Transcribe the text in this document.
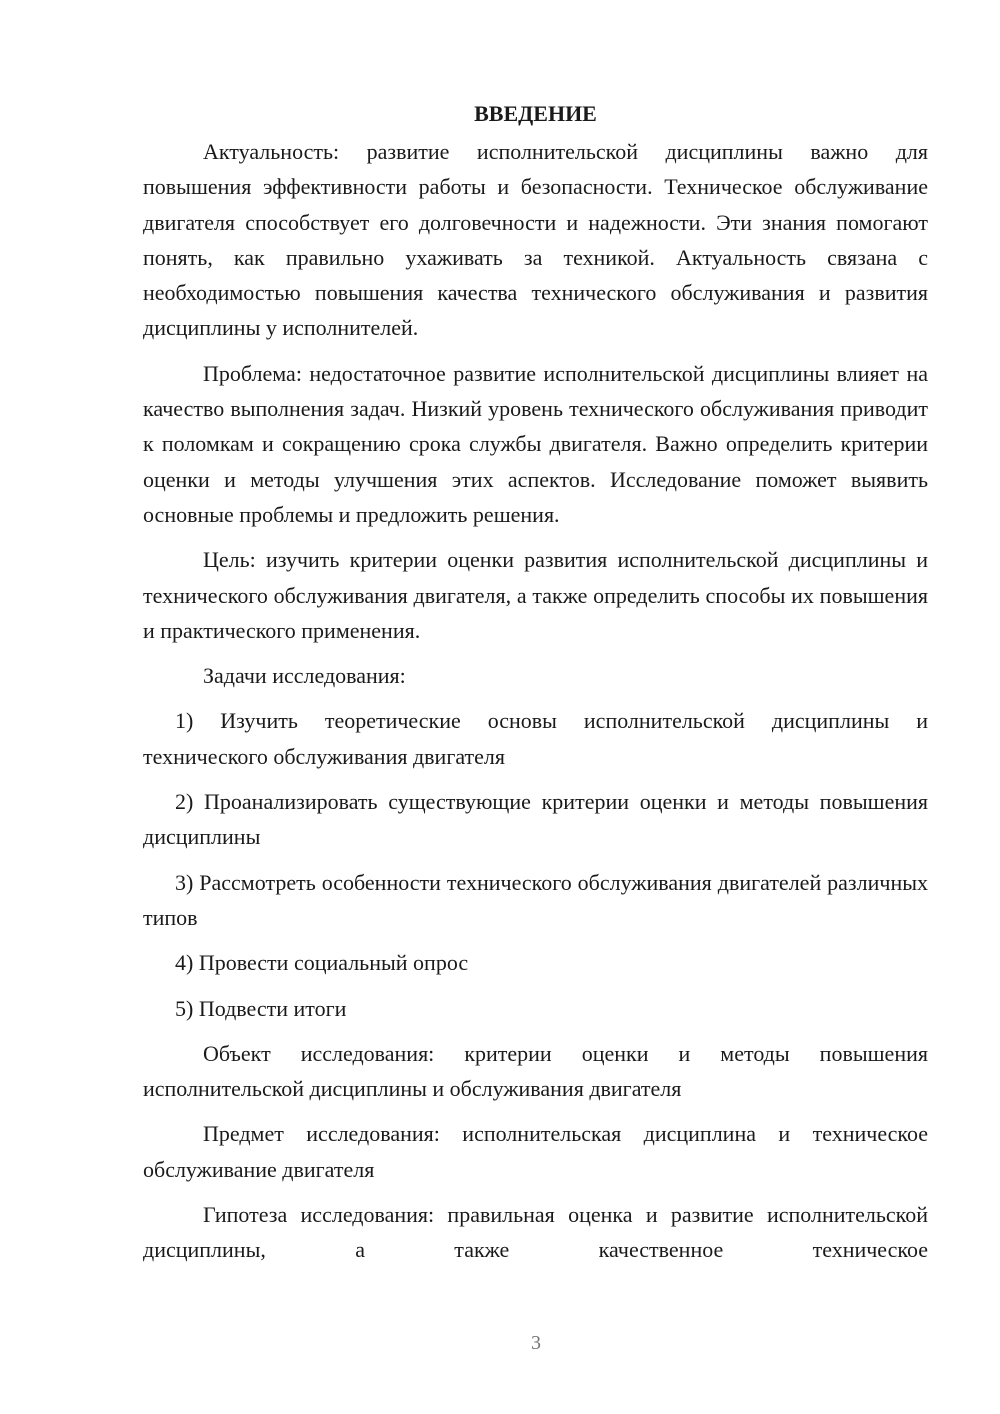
ВВЕДЕНИЕ

Актуальность: развитие исполнительской дисциплины важно для повышения эффективности работы и безопасности. Техническое обслуживание двигателя способствует его долговечности и надежности. Эти знания помогают понять, как правильно ухаживать за техникой. Актуальность связана с необходимостью повышения качества технического обслуживания и развития дисциплины у исполнителей.

Проблема: недостаточное развитие исполнительской дисциплины влияет на качество выполнения задач. Низкий уровень технического обслуживания приводит к поломкам и сокращению срока службы двигателя. Важно определить критерии оценки и методы улучшения этих аспектов. Исследование поможет выявить основные проблемы и предложить решения.

Цель: изучить критерии оценки развития исполнительской дисциплины и технического обслуживания двигателя, а также определить способы их повышения и практического применения.

Задачи исследования:

1) Изучить теоретические основы исполнительской дисциплины и технического обслуживания двигателя

2) Проанализировать существующие критерии оценки и методы повышения дисциплины

3) Рассмотреть особенности технического обслуживания двигателей различных типов

4) Провести социальный опрос

5) Подвести итоги

Объект исследования: критерии оценки и методы повышения исполнительской дисциплины и обслуживания двигателя

Предмет исследования: исполнительская дисциплина и техническое обслуживание двигателя

Гипотеза исследования: правильная оценка и развитие исполнительской дисциплины, а также качественное техническое

3
